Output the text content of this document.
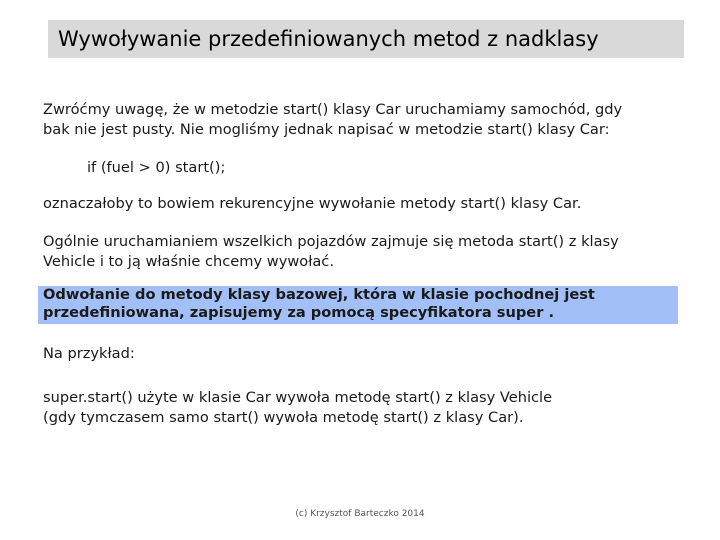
Wywoływanie przedefiniowanych metod z nadklasy

Zwróćmy uwagę, że w metodzie start() klasy Car uruchamiamy samochód, gdy
bak nie jest pusty. Nie mogliśmy jednak napisać w metodzie start() klasy Car:

if (fuel > 0) start();

oznaczałoby to bowiem rekurencyjne wywołanie metody start() klasy Car.

Ogólnie uruchamianiem wszelkich pojazdów zajmuje się metoda start() z klasy
Vehicle i to ją właśnie chcemy wywołać.

Na przykład:

super.start() użyte w klasie Car wywoła metodę start() z klasy Vehicle
(gdy tymczasem samo start() wywoła metodę start() z klasy Car).

Odwołanie do metody klasy bazowej, która w klasie pochodnej jest
przedefiniowana, zapisujemy za pomocą specyfikatora super .
(c) Krzysztof Barteczko 2014
